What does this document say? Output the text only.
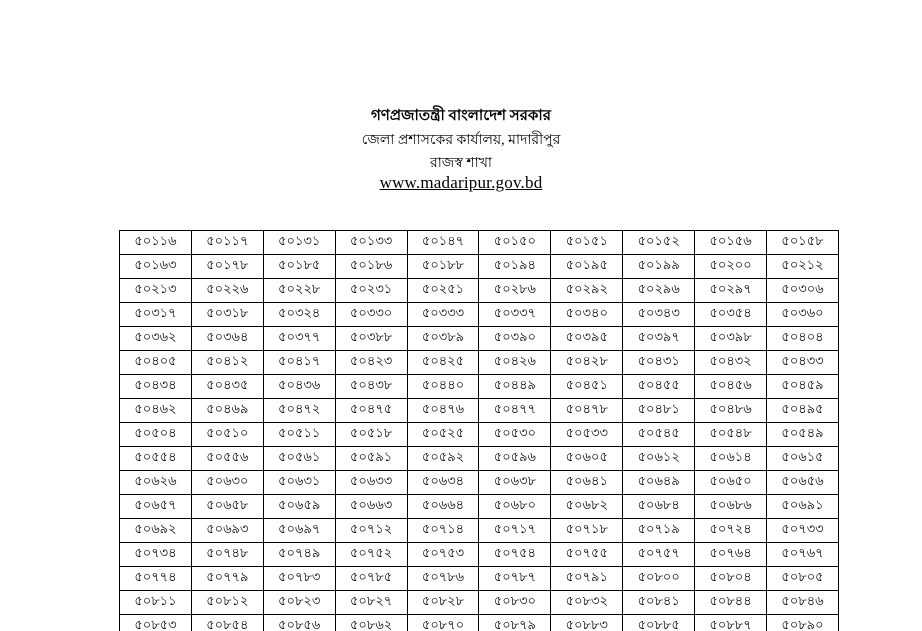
গণপ্রজাতন্ত্রী বাংলাদেশ সরকার
জেলা প্রশাসকের কার্যালয়, মাদারীপুর
রাজস্ব শাখা
www.madaripur.gov.bd
৫০১১৬	৫০১১৭	৫০১৩১	৫০১৩৩	৫০১৪৭	৫০১৫০	৫০১৫১	৫০১৫২	৫০১৫৬	৫০১৫৮
৫০১৬৩	৫০১৭৮	৫০১৮৫	৫০১৮৬	৫০১৮৮	৫০১৯৪	৫০১৯৫	৫০১৯৯	৫০২০০	৫০২১২
৫০২১৩	৫০২২৬	৫০২২৮	৫০২৩১	৫০২৫১	৫০২৮৬	৫০২৯২	৫০২৯৬	৫০২৯৭	৫০৩০৬
৫০৩১৭	৫০৩১৮	৫০৩২৪	৫০৩৩০	৫০৩৩৩	৫০৩৩৭	৫০৩৪০	৫০৩৪৩	৫০৩৫৪	৫০৩৬০
৫০৩৬২	৫০৩৬৪	৫০৩৭৭	৫০৩৮৮	৫০৩৮৯	৫০৩৯০	৫০৩৯৫	৫০৩৯৭	৫০৩৯৮	৫০৪০৪
৫০৪০৫	৫০৪১২	৫০৪১৭	৫০৪২৩	৫০৪২৫	৫০৪২৬	৫০৪২৮	৫০৪৩১	৫০৪৩২	৫০৪৩৩
৫০৪৩৪	৫০৪৩৫	৫০৪৩৬	৫০৪৩৮	৫০৪৪০	৫০৪৪৯	৫০৪৫১	৫০৪৫৫	৫০৪৫৬	৫০৪৫৯
৫০৪৬২	৫০৪৬৯	৫০৪৭২	৫০৪৭৫	৫০৪৭৬	৫০৪৭৭	৫০৪৭৮	৫০৪৮১	৫০৪৮৬	৫০৪৯৫
৫০৫০৪	৫০৫১০	৫০৫১১	৫০৫১৮	৫০৫২৫	৫০৫৩০	৫০৫৩৩	৫০৫৪৫	৫০৫৪৮	৫০৫৪৯
৫০৫৫৪	৫০৫৫৬	৫০৫৬১	৫০৫৯১	৫০৫৯২	৫০৫৯৬	৫০৬০৫	৫০৬১২	৫০৬১৪	৫০৬১৫
৫০৬২৬	৫০৬৩০	৫০৬৩১	৫০৬৩৩	৫০৬৩৪	৫০৬৩৮	৫০৬৪১	৫০৬৪৯	৫০৬৫০	৫০৬৫৬
৫০৬৫৭	৫০৬৫৮	৫০৬৫৯	৫০৬৬৩	৫০৬৬৪	৫০৬৮০	৫০৬৮২	৫০৬৮৪	৫০৬৮৬	৫০৬৯১
৫০৬৯২	৫০৬৯৩	৫০৬৯৭	৫০৭১২	৫০৭১৪	৫০৭১৭	৫০৭১৮	৫০৭১৯	৫০৭২৪	৫০৭৩৩
৫০৭৩৪	৫০৭৪৮	৫০৭৪৯	৫০৭৫২	৫০৭৫৩	৫০৭৫৪	৫০৭৫৫	৫০৭৫৭	৫০৭৬৪	৫০৭৬৭
৫০৭৭৪	৫০৭৭৯	৫০৭৮৩	৫০৭৮৫	৫০৭৮৬	৫০৭৮৭	৫০৭৯১	৫০৮০০	৫০৮০৪	৫০৮০৫
৫০৮১১	৫০৮১২	৫০৮২৩	৫০৮২৭	৫০৮২৮	৫০৮৩০	৫০৮৩২	৫০৮৪১	৫০৮৪৪	৫০৮৪৬
৫০৮৫৩	৫০৮৫৪	৫০৮৫৬	৫০৮৬২	৫০৮৭০	৫০৮৭৯	৫০৮৮৩	৫০৮৮৫	৫০৮৮৭	৫০৮৯০
